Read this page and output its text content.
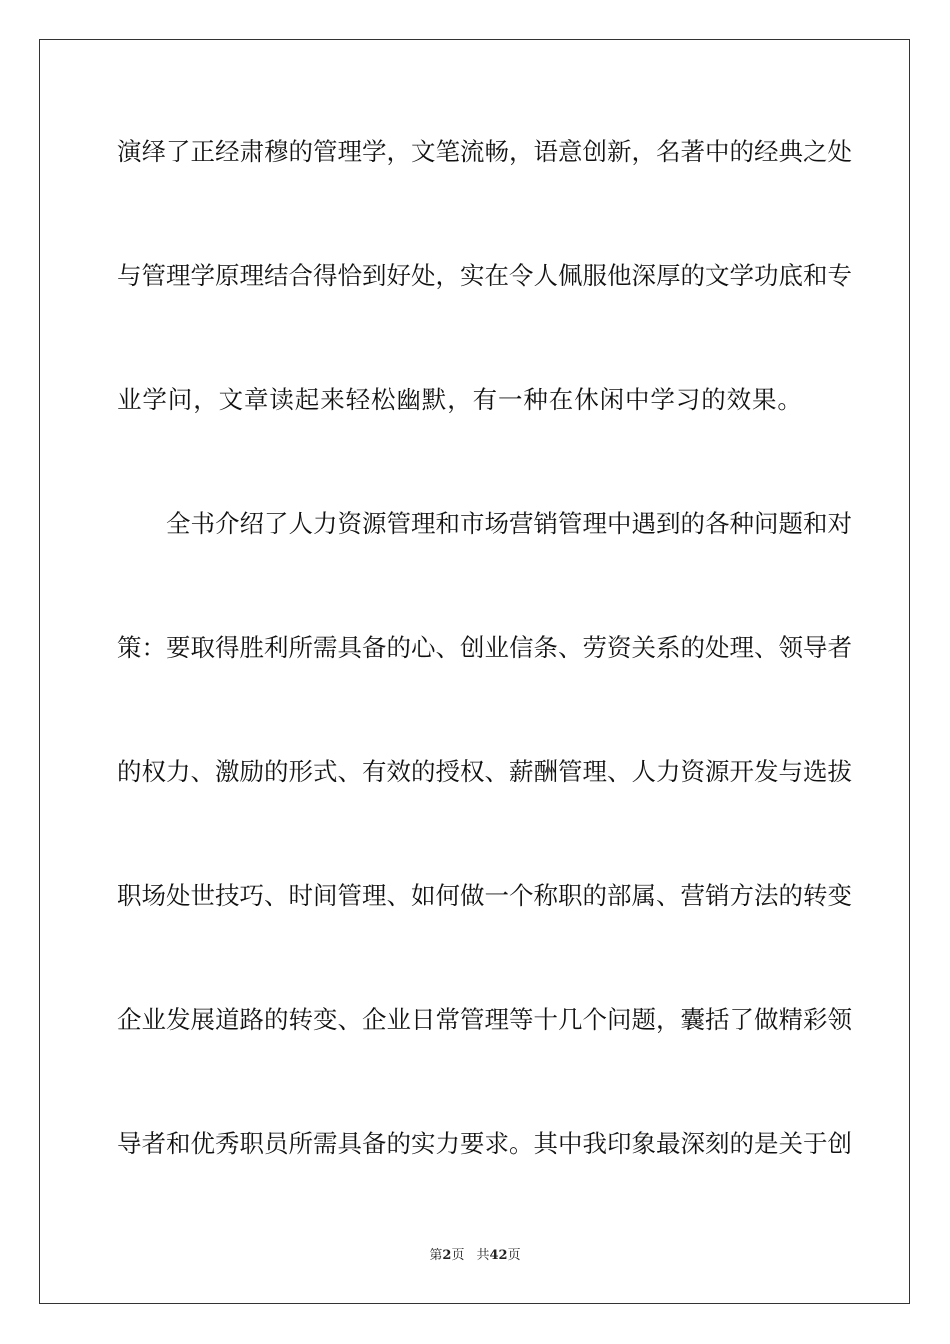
演绎了正经肃穆的管理学，文笔流畅，语意创新，名著中的经典之处
与管理学原理结合得恰到好处，实在令人佩服他深厚的文学功底和专
业学问，文章读起来轻松幽默，有一种在休闲中学习的效果。
全书介绍了人力资源管理和市场营销管理中遇到的各种问题和对
策：要取得胜利所需具备的心、创业信条、劳资关系的处理、领导者
的权力、激励的形式、有效的授权、薪酬管理、人力资源开发与选拔
职场处世技巧、时间管理、如何做一个称职的部属、营销方法的转变
企业发展道路的转变、企业日常管理等十几个问题，囊括了做精彩领
导者和优秀职员所需具备的实力要求。其中我印象最深刻的是关于创
第2页 共42页
